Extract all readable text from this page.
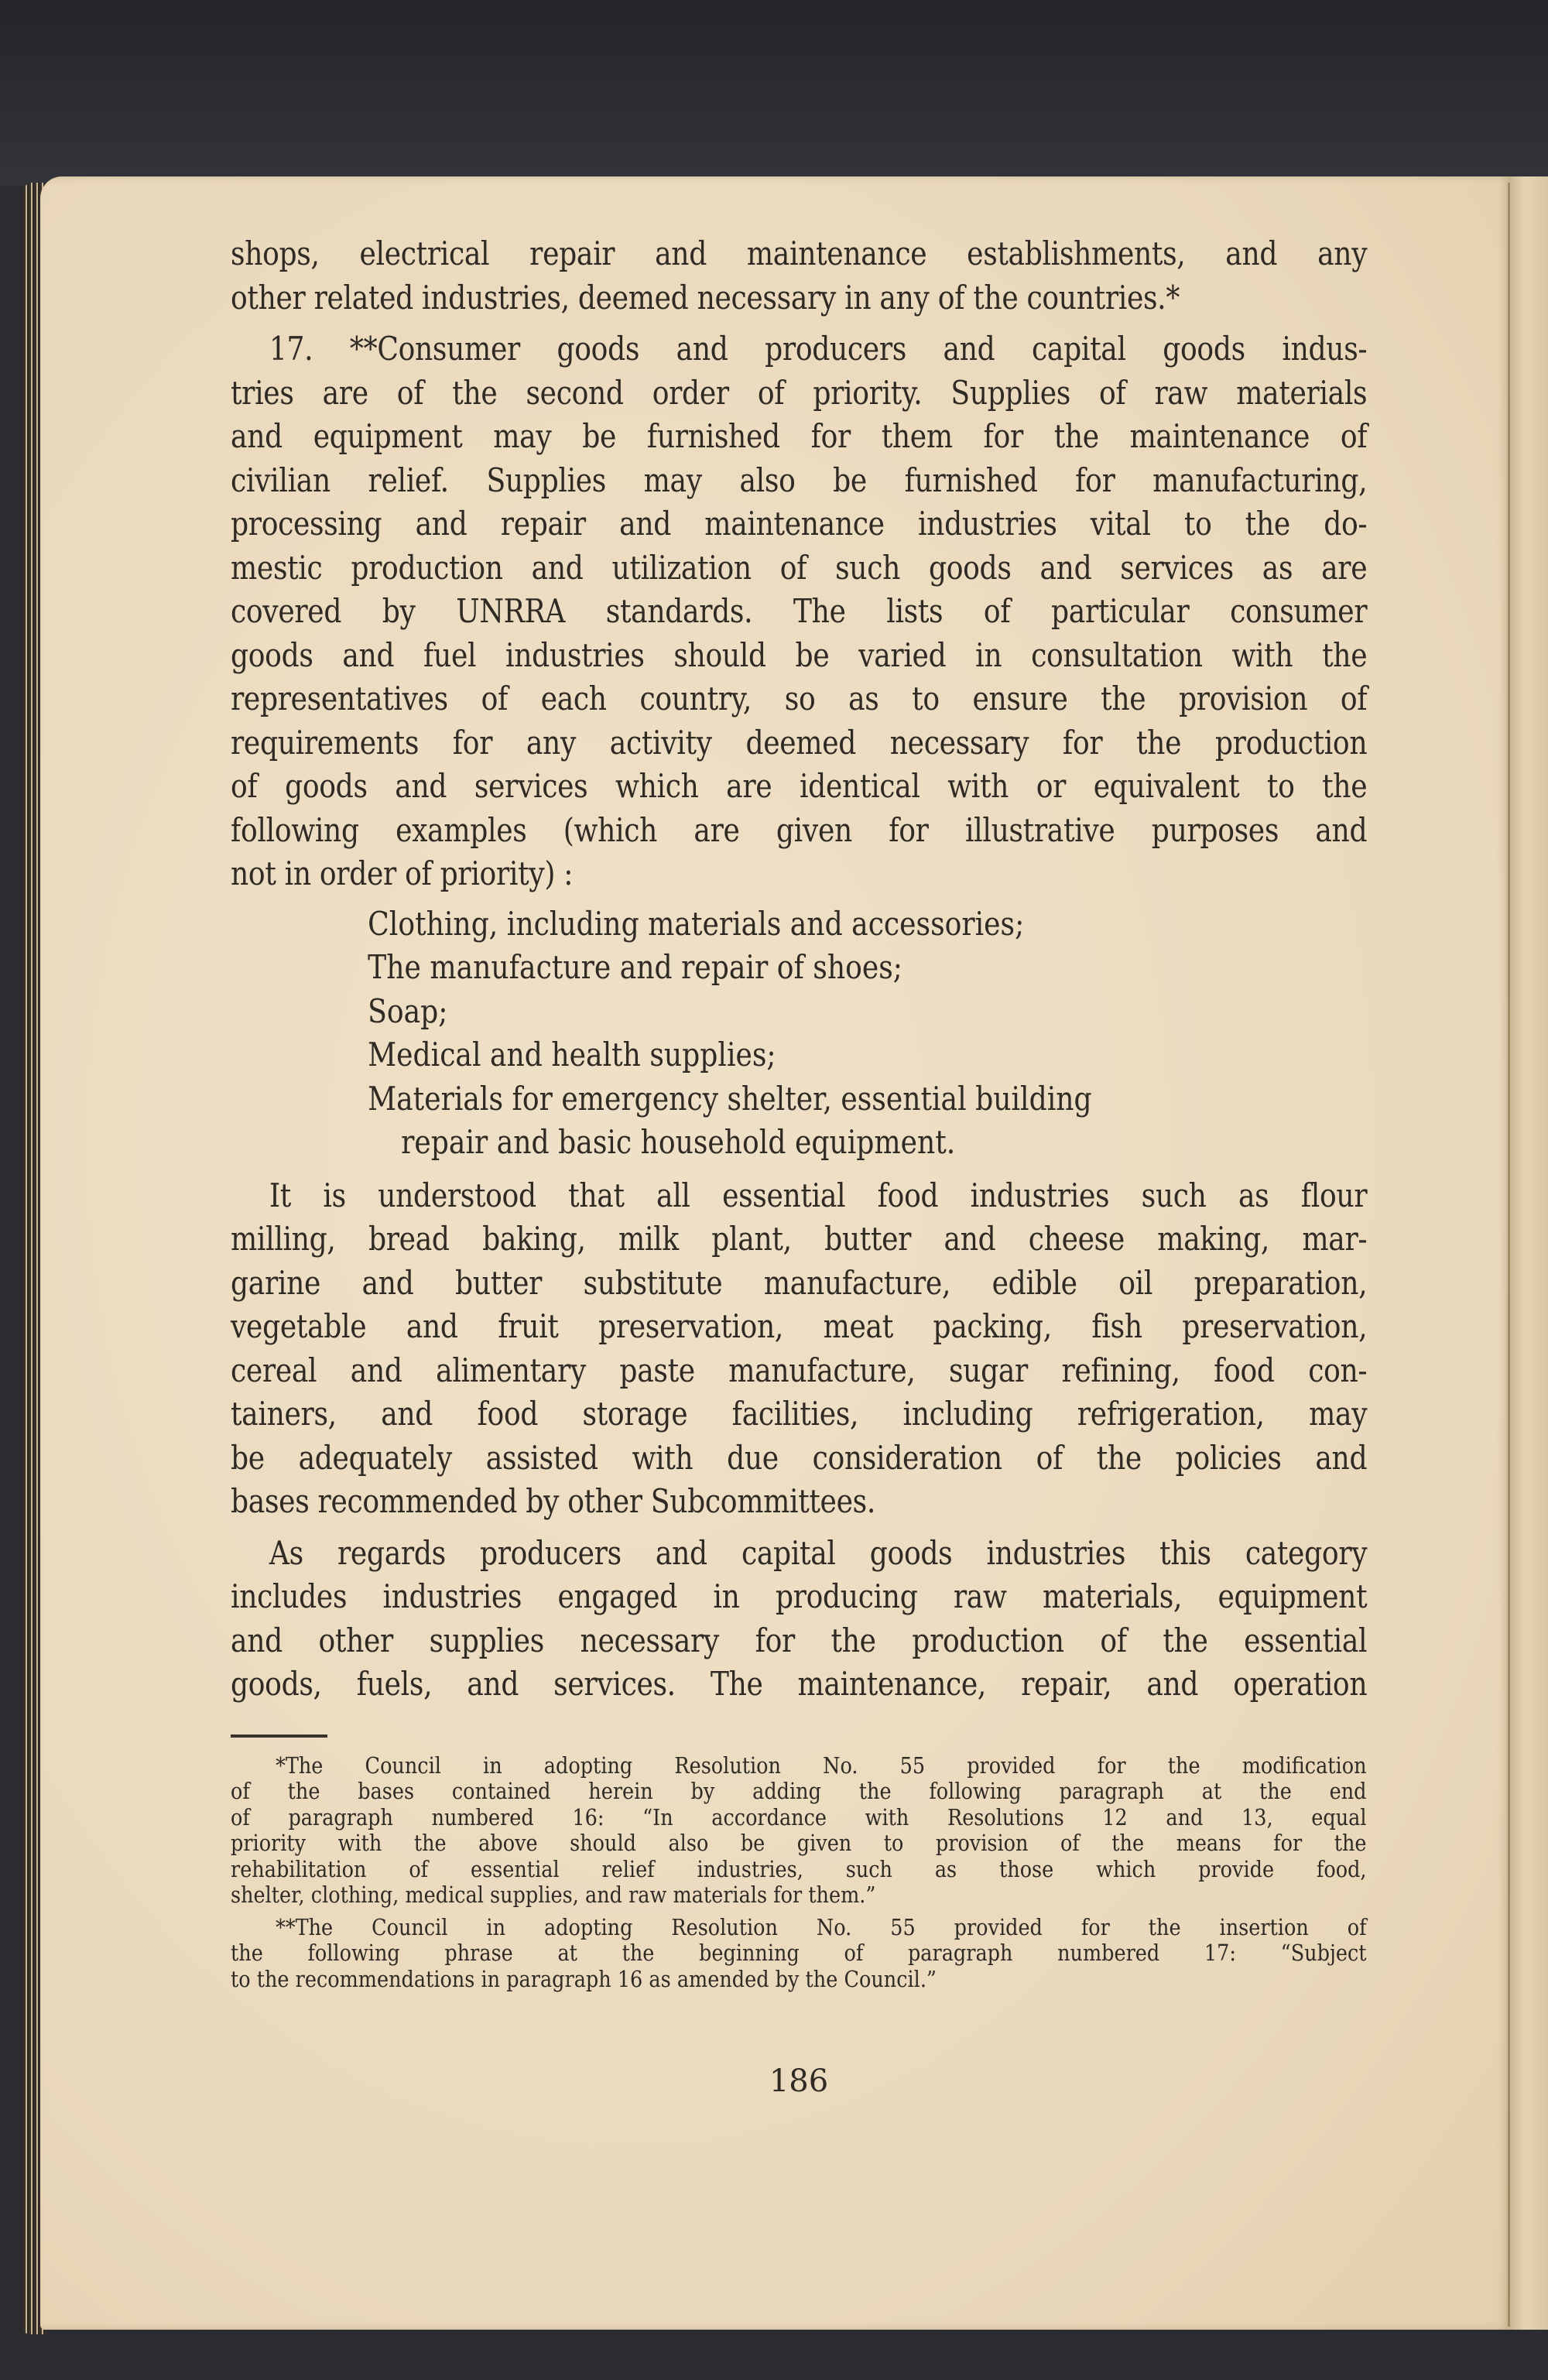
shops, electrical repair and maintenance establishments, and any
other related industries, deemed necessary in any of the countries.*
17. **Consumer goods and producers and capital goods indus-
tries are of the second order of priority. Supplies of raw materials
and equipment may be furnished for them for the maintenance of
civilian relief. Supplies may also be furnished for manufacturing,
processing and repair and maintenance industries vital to the do-
mestic production and utilization of such goods and services as are
covered by UNRRA standards. The lists of particular consumer
goods and fuel industries should be varied in consultation with the
representatives of each country, so as to ensure the provision of
requirements for any activity deemed necessary for the production
of goods and services which are identical with or equivalent to the
following examples (which are given for illustrative purposes and
not in order of priority) :
Clothing, including materials and accessories;
The manufacture and repair of shoes;
Soap;
Medical and health supplies;
Materials for emergency shelter, essential building
repair and basic household equipment.
It is understood that all essential food industries such as flour
milling, bread baking, milk plant, butter and cheese making, mar-
garine and butter substitute manufacture, edible oil preparation,
vegetable and fruit preservation, meat packing, fish preservation,
cereal and alimentary paste manufacture, sugar refining, food con-
tainers, and food storage facilities, including refrigeration, may
be adequately assisted with due consideration of the policies and
bases recommended by other Subcommittees.
As regards producers and capital goods industries this category
includes industries engaged in producing raw materials, equipment
and other supplies necessary for the production of the essential
goods, fuels, and services. The maintenance, repair, and operation
*The Council in adopting Resolution No. 55 provided for the modification
of the bases contained herein by adding the following paragraph at the end
of paragraph numbered 16: “In accordance with Resolutions 12 and 13, equal
priority with the above should also be given to provision of the means for the
rehabilitation of essential relief industries, such as those which provide food,
shelter, clothing, medical supplies, and raw materials for them.”
**The Council in adopting Resolution No. 55 provided for the insertion of
the following phrase at the beginning of paragraph numbered 17: “Subject
to the recommendations in paragraph 16 as amended by the Council.”
186
